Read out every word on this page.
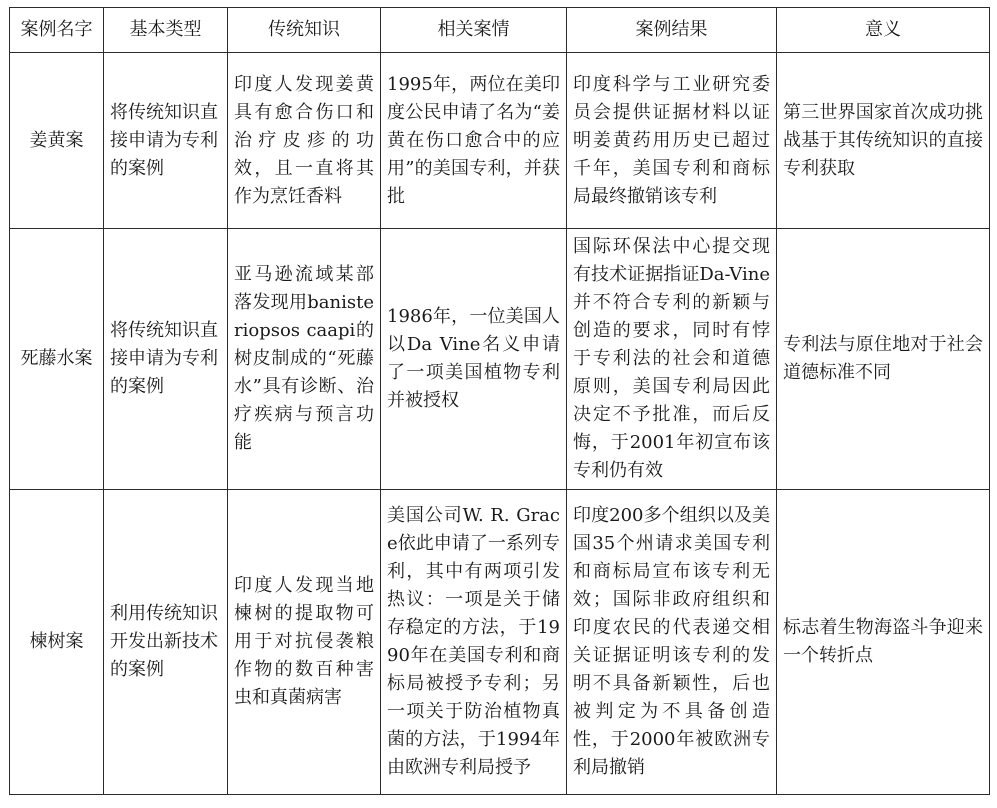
案例名字	基本类型	传统知识	相关案情	案例结果	意义
姜黄案	将传统知识直接申请为专利的案例	印度人发现姜黄具有愈合伤口和治疗皮疹的功效，且一直将其作为烹饪香料	1995年，两位在美印度公民申请了名为“姜黄在伤口愈合中的应用”的美国专利，并获批	印度科学与工业研究委员会提供证据材料以证明姜黄药用历史已超过千年，美国专利和商标局最终撤销该专利	第三世界国家首次成功挑战基于其传统知识的直接专利获取
死藤水案	将传统知识直接申请为专利的案例	亚马逊流域某部落发现用banisteriopsos caapi的树皮制成的“死藤水”具有诊断、治疗疾病与预言功能	1986年，一位美国人以Da Vine名义申请了一项美国植物专利并被授权	国际环保法中心提交现有技术证据指证Da-Vine并不符合专利的新颖与创造的要求，同时有悖于专利法的社会和道德原则，美国专利局因此决定不予批准，而后反悔，于2001年初宣布该专利仍有效	专利法与原住地对于社会道德标准不同
楝树案	利用传统知识开发出新技术的案例	印度人发现当地楝树的提取物可用于对抗侵袭粮作物的数百种害虫和真菌病害	美国公司W. R. Grace依此申请了一系列专利，其中有两项引发热议：一项是关于储存稳定的方法，于1990年在美国专利和商标局被授予专利；另一项关于防治植物真菌的方法，于1994年由欧洲专利局授予	印度200多个组织以及美国35个州请求美国专利和商标局宣布该专利无效；国际非政府组织和印度农民的代表递交相关证据证明该专利的发明不具备新颖性，后也被判定为不具备创造性，于2000年被欧洲专利局撤销	标志着生物海盗斗争迎来一个转折点
